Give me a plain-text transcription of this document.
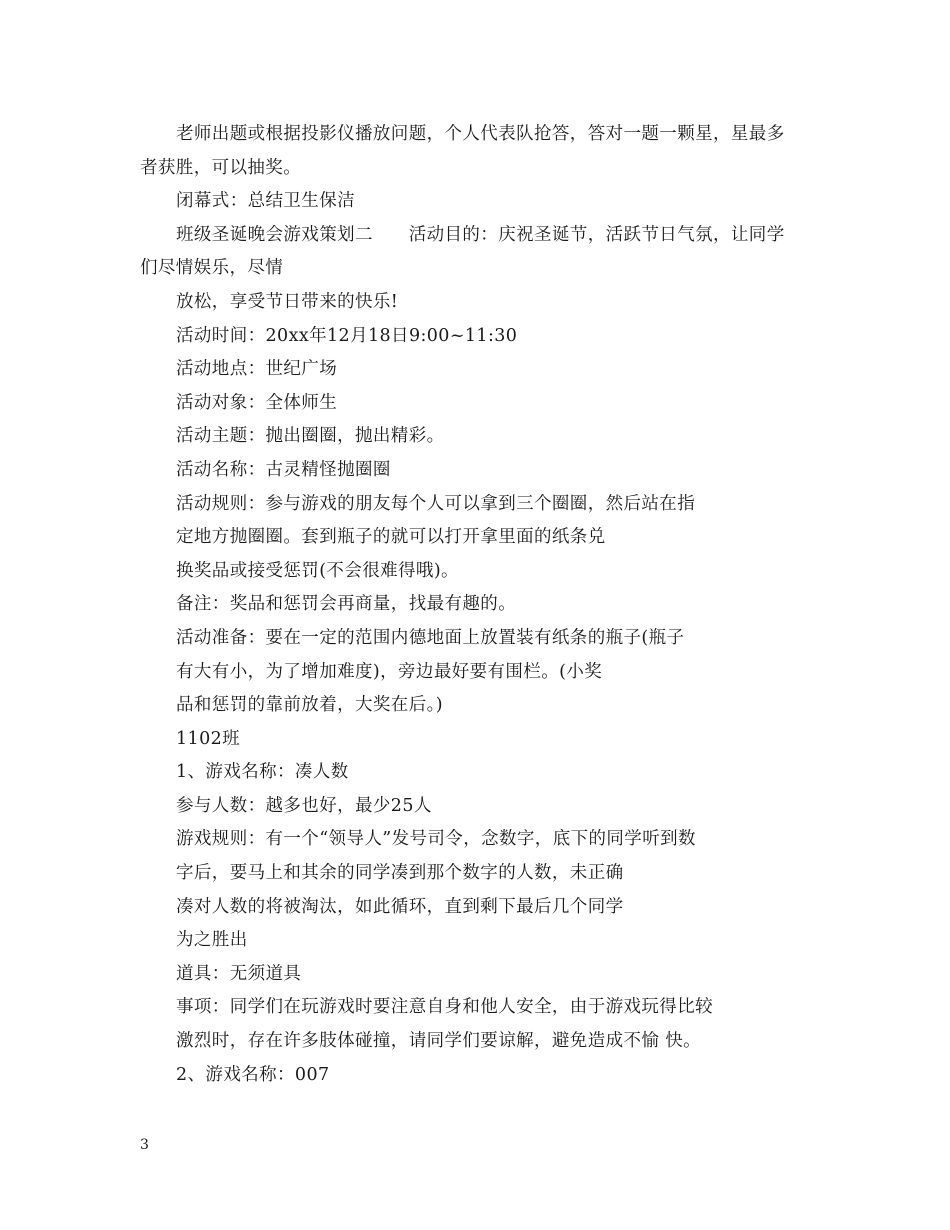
老师出题或根据投影仪播放问题，个人代表队抢答，答对一题一颗星，星最多
者获胜，可以抽奖。
闭幕式：总结卫生保洁
班级圣诞晚会游戏策划二　　活动目的：庆祝圣诞节，活跃节日气氛，让同学
们尽情娱乐，尽情
放松，享受节日带来的快乐!
活动时间：20xx年12月18日9:00~11:30
活动地点：世纪广场
活动对象：全体师生
活动主题：抛出圈圈，抛出精彩。
活动名称：古灵精怪抛圈圈
活动规则：参与游戏的朋友每个人可以拿到三个圈圈，然后站在指
定地方抛圈圈。套到瓶子的就可以打开拿里面的纸条兑
换奖品或接受惩罚(不会很难得哦)。
备注：奖品和惩罚会再商量，找最有趣的。
活动准备：要在一定的范围内德地面上放置装有纸条的瓶子(瓶子
有大有小，为了增加难度)，旁边最好要有围栏。(小奖
品和惩罚的靠前放着，大奖在后。)
1102班
1、游戏名称：凑人数
参与人数：越多也好，最少25人
游戏规则：有一个“领导人”发号司令，念数字，底下的同学听到数
字后，要马上和其余的同学凑到那个数字的人数，未正确
凑对人数的将被淘汰，如此循环，直到剩下最后几个同学
为之胜出
道具：无须道具
事项：同学们在玩游戏时要注意自身和他人安全，由于游戏玩得比较
激烈时，存在许多肢体碰撞，请同学们要谅解，避免造成不愉 快。
2、游戏名称：007
3
